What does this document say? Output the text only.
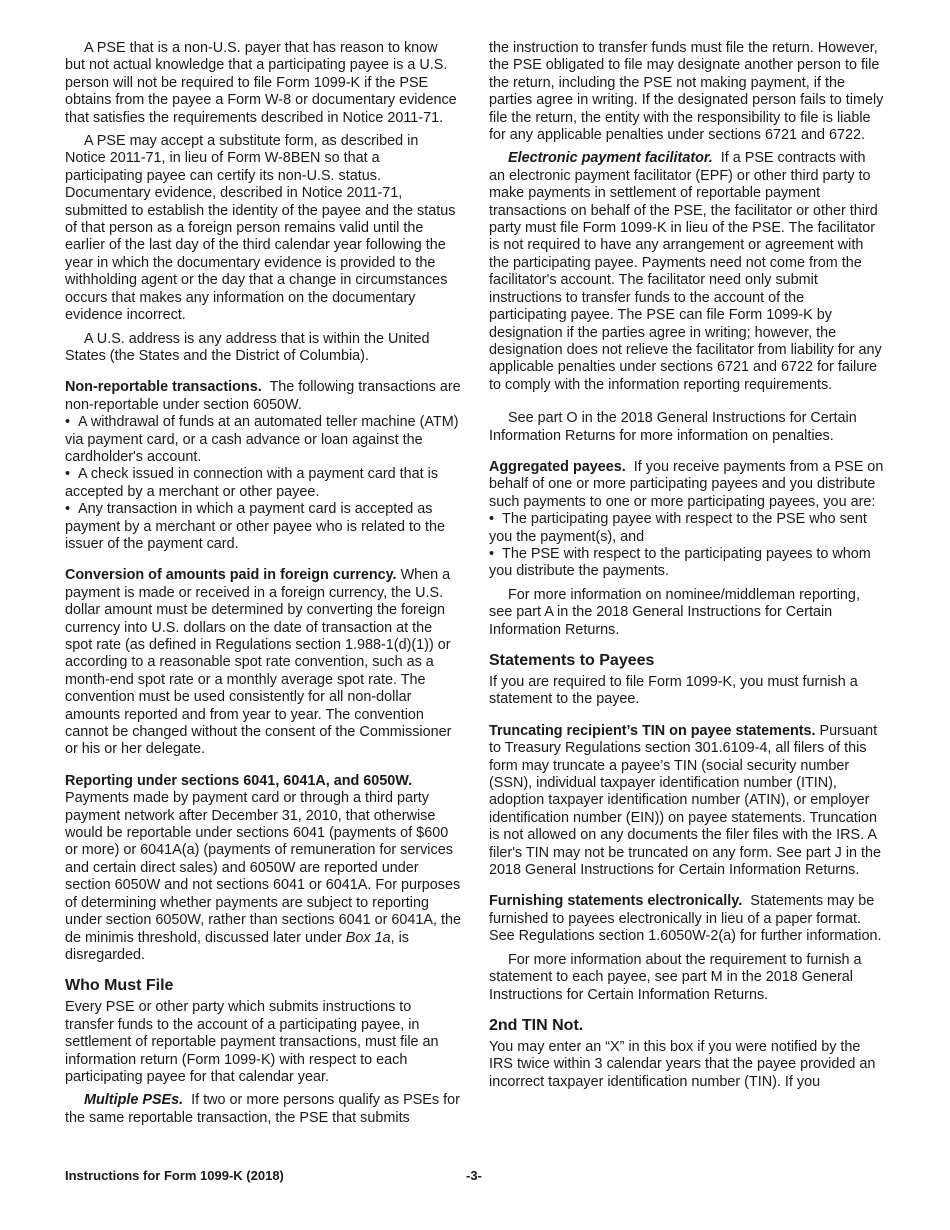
A PSE that is a non-U.S. payer that has reason to know but not actual knowledge that a participating payee is a U.S. person will not be required to file Form 1099-K if the PSE obtains from the payee a Form W-8 or documentary evidence that satisfies the requirements described in Notice 2011-71.

A PSE may accept a substitute form, as described in Notice 2011-71, in lieu of Form W-8BEN so that a participating payee can certify its non-U.S. status. Documentary evidence, described in Notice 2011-71, submitted to establish the identity of the payee and the status of that person as a foreign person remains valid until the earlier of the last day of the third calendar year following the year in which the documentary evidence is provided to the withholding agent or the day that a change in circumstances occurs that makes any information on the documentary evidence incorrect.

A U.S. address is any address that is within the United States (the States and the District of Columbia).

Non-reportable transactions. The following transactions are non-reportable under section 6050W.

•  A withdrawal of funds at an automated teller machine (ATM) via payment card, or a cash advance or loan against the cardholder's account.
•  A check issued in connection with a payment card that is accepted by a merchant or other payee.
•  Any transaction in which a payment card is accepted as payment by a merchant or other payee who is related to the issuer of the payment card.

Conversion of amounts paid in foreign currency. When a payment is made or received in a foreign currency, the U.S. dollar amount must be determined by converting the foreign currency into U.S. dollars on the date of transaction at the spot rate (as defined in Regulations section 1.988-1(d)(1)) or according to a reasonable spot rate convention, such as a month-end spot rate or a monthly average spot rate. The convention must be used consistently for all non-dollar amounts reported and from year to year. The convention cannot be changed without the consent of the Commissioner or his or her delegate.

Reporting under sections 6041, 6041A, and 6050W. Payments made by payment card or through a third party payment network after December 31, 2010, that otherwise would be reportable under sections 6041 (payments of $600 or more) or 6041A(a) (payments of remuneration for services and certain direct sales) and 6050W are reported under section 6050W and not sections 6041 or 6041A. For purposes of determining whether payments are subject to reporting under section 6050W, rather than sections 6041 or 6041A, the de minimis threshold, discussed later under Box 1a, is disregarded.

Who Must File

Every PSE or other party which submits instructions to transfer funds to the account of a participating payee, in settlement of reportable payment transactions, must file an information return (Form 1099-K) with respect to each participating payee for that calendar year.

Multiple PSEs. If two or more persons qualify as PSEs for the same reportable transaction, the PSE that submits

the instruction to transfer funds must file the return. However, the PSE obligated to file may designate another person to file the return, including the PSE not making payment, if the parties agree in writing. If the designated person fails to timely file the return, the entity with the responsibility to file is liable for any applicable penalties under sections 6721 and 6722.

Electronic payment facilitator. If a PSE contracts with an electronic payment facilitator (EPF) or other third party to make payments in settlement of reportable payment transactions on behalf of the PSE, the facilitator or other third party must file Form 1099-K in lieu of the PSE. The facilitator is not required to have any arrangement or agreement with the participating payee. Payments need not come from the facilitator's account. The facilitator need only submit instructions to transfer funds to the account of the participating payee. The PSE can file Form 1099-K by designation if the parties agree in writing; however, the designation does not relieve the facilitator from liability for any applicable penalties under sections 6721 and 6722 for failure to comply with the information reporting requirements.

See part O in the 2018 General Instructions for Certain Information Returns for more information on penalties.

Aggregated payees. If you receive payments from a PSE on behalf of one or more participating payees and you distribute such payments to one or more participating payees, you are:

•  The participating payee with respect to the PSE who sent you the payment(s), and
•  The PSE with respect to the participating payees to whom you distribute the payments.

For more information on nominee/middleman reporting, see part A in the 2018 General Instructions for Certain Information Returns.

Statements to Payees

If you are required to file Form 1099-K, you must furnish a statement to the payee.

Truncating recipient’s TIN on payee statements. Pursuant to Treasury Regulations section 301.6109-4, all filers of this form may truncate a payee’s TIN (social security number (SSN), individual taxpayer identification number (ITIN), adoption taxpayer identification number (ATIN), or employer identification number (EIN)) on payee statements. Truncation is not allowed on any documents the filer files with the IRS. A filer's TIN may not be truncated on any form. See part J in the 2018 General Instructions for Certain Information Returns.

Furnishing statements electronically. Statements may be furnished to payees electronically in lieu of a paper format. See Regulations section 1.6050W-2(a) for further information.

For more information about the requirement to furnish a statement to each payee, see part M in the 2018 General Instructions for Certain Information Returns.

2nd TIN Not.

You may enter an “X” in this box if you were notified by the IRS twice within 3 calendar years that the payee provided an incorrect taxpayer identification number (TIN). If you

Instructions for Form 1099-K (2018)	-3-
